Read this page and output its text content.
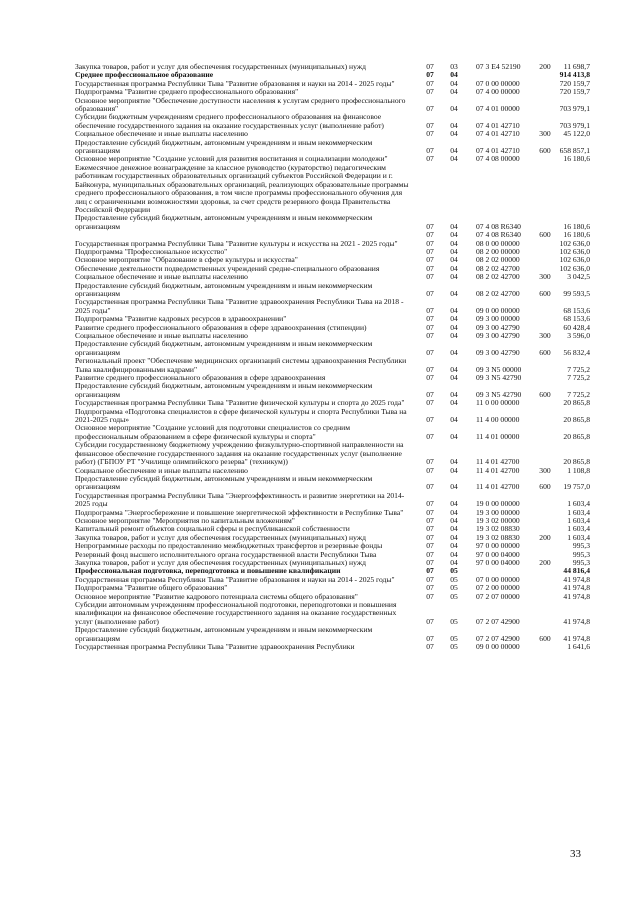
Закупка товаров, работ и услуг для обеспечения государственных (муниципальных) нужд	07	03	07 3 Е4 52190	200	11 698,7
Среднее профессиональное образование	07	04	914 413,8
Государственная программа Республики Тыва "Развитие образования и науки на 2014 - 2025 годы"	07	04	07 0 00 00000	720 159,7
Подпрограмма "Развитие среднего профессионального образования"	07	04	07 4 00 00000	720 159,7
Основное мероприятие "Обеспечение доступности населения к услугам среднего профессионального образования"	07	04	07 4 01 00000	703 979,1
Субсидии бюджетным учреждениям среднего профессионального образования на финансовое обеспечение государственного задания на оказание государственных услуг (выполнение работ)	07	04	07 4 01 42710	703 979,1
Социальное обеспечение и иные выплаты населению	07	04	07 4 01 42710	300	45 122,0
Предоставление субсидий бюджетным, автономным учреждениям и иным некоммерческим организациям	07	04	07 4 01 42710	600	658 857,1
Основное мероприятие "Создание условий для развития воспитания и социализации молодежи"	07	04	07 4 08 00000	16 180,6
Ежемесячное денежное вознаграждение за классное руководство (кураторство) педагогическим работникам государственных образовательных организаций субъектов Российской Федерации и г. Байконура, муниципальных образовательных организаций, реализующих образовательные программы среднего профессионального образования, в том числе программы профессионального обучения для лиц с ограниченными возможностями здоровья, за счет средств резервного фонда Правительства Российской Федерации
Предоставление субсидий бюджетным, автономным учреждениям и иным некоммерческим организациям	07	04	07 4 08 R6340	16 180,6
07	04	07 4 08 R6340	600	16 180,6
Государственная программа Республики Тыва "Развитие культуры и искусства на 2021 - 2025 годы"	07	04	08 0 00 00000	102 636,0
Подпрограмма "Профессиональное искусство"	07	04	08 2 00 00000	102 636,0
Основное мероприятие "Образование в сфере культуры и искусства"	07	04	08 2 02 00000	102 636,0
Обеспечение деятельности подведомственных учреждений средне-специального образования	07	04	08 2 02 42700	102 636,0
Социальное обеспечение и иные выплаты населению	07	04	08 2 02 42700	300	3 042,5
Предоставление субсидий бюджетным, автономным учреждениям и иным некоммерческим организациям	07	04	08 2 02 42700	600	99 593,5
Государственная программа Республики Тыва "Развитие здравоохранения Республики Тыва на 2018 - 2025 годы"	07	04	09 0 00 00000	68 153,6
Подпрограмма "Развитие кадровых ресурсов в здравоохранении"	07	04	09 3 00 00000	68 153,6
Развитие среднего профессионального образования в сфере здравоохранения (стипендии)	07	04	09 3 00 42790	60 428,4
Социальное обеспечение и иные выплаты населению	07	04	09 3 00 42790	300	3 596,0
Предоставление субсидий бюджетным, автономным учреждениям и иным некоммерческим организациям	07	04	09 3 00 42790	600	56 832,4
Региональный проект "Обеспечение медицинских организаций системы здравоохранения Республики Тыва квалифицированными кадрами"	07	04	09 3 N5 00000	7 725,2
Развитие среднего профессионального образования в сфере здравоохранения	07	04	09 3 N5 42790	7 725,2
Предоставление субсидий бюджетным, автономным учреждениям и иным некоммерческим организациям	07	04	09 3 N5 42790	600	7 725,2
Государственная программа Республики Тыва "Развитие физической культуры и спорта до 2025 года"	07	04	11 0 00 00000	20 865,8
Подпрограмма «Подготовка специалистов в сфере физической культуры и спорта Республики Тыва на 2021-2025 годы»	07	04	11 4 00 00000	20 865,8
Основное мероприятие "Создание условий для подготовки специалистов со средним профессиональным образованием в сфере физической культуры и спорта"	07	04	11 4 01 00000	20 865,8
Субсидии государственному бюджетному учреждению физкультурно-спортивной направленности на финансовое обеспечение государственного задания на оказание государственных услуг (выполнение работ) (ГБПОУ РТ "Училище олимпийского резерва" (техникум))	07	04	11 4 01 42700	20 865,8
Социальное обеспечение и иные выплаты населению	07	04	11 4 01 42700	300	1 108,8
Предоставление субсидий бюджетным, автономным учреждениям и иным некоммерческим организациям	07	04	11 4 01 42700	600	19 757,0
Государственная программа Республики Тыва "Энергоэффективность и развитие энергетики на 2014-2025 годы	07	04	19 0 00 00000	1 603,4
Подпрограмма "Энергосбережение и повышение энергетической эффективности в Республике Тыва"	07	04	19 3 00 00000	1 603,4
Основное мероприятие "Мероприятия по капитальным вложениям"	07	04	19 3 02 00000	1 603,4
Капитальный ремонт объектов социальной сферы и республиканской собственности	07	04	19 3 02 08830	1 603,4
Закупка товаров, работ и услуг для обеспечения государственных (муниципальных) нужд	07	04	19 3 02 08830	200	1 603,4
Непрограммные расходы по предоставлению межбюджетных трансфертов и резервные фонды	07	04	97 0 00 00000	995,3
Резервный фонд высшего исполнительного органа государственной власти Республики Тыва	07	04	97 0 00 04000	995,3
Закупка товаров, работ и услуг для обеспечения государственных (муниципальных) нужд	07	04	97 0 00 04000	200	995,3
Профессиональная подготовка, переподготовка и повышение квалификации	07	05	44 816,4
Государственная программа Республики Тыва "Развитие образования и науки на 2014 - 2025 годы"	07	05	07 0 00 00000	41 974,8
Подпрограмма "Развитие общего образования"	07	05	07 2 00 00000	41 974,8
Основное мероприятие "Развитие кадрового потенциала системы общего образования"	07	05	07 2 07 00000	41 974,8
Субсидии автономным учреждениям профессиональной подготовки, переподготовки и повышения квалификации на финансовое обеспечение государственного задания на оказание государственных услуг (выполнение работ)	07	05	07 2 07 42900	41 974,8
Предоставление субсидий бюджетным, автономным учреждениям и иным некоммерческим организациям	07	05	07 2 07 42900	600	41 974,8
Государственная программа Республики Тыва "Развитие здравоохранения Республики	07	05	09 0 00 00000	1 641,6
33
